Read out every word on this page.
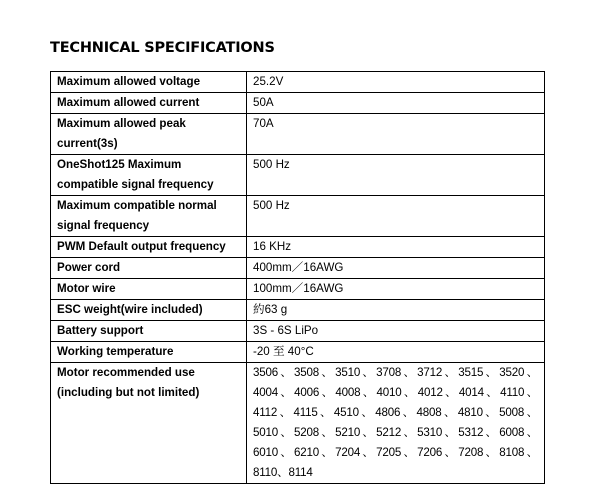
TECHNICAL SPECIFICATIONS
Maximum allowed voltage	25.2V
Maximum allowed current	50A
Maximum allowed peak current(3s)	70A
OneShot125 Maximum compatible signal frequency	500 Hz
Maximum compatible normal signal frequency	500 Hz
PWM Default output frequency	16 KHz
Power cord	400mm／16AWG
Motor wire	100mm／16AWG
ESC weight(wire included)	約63 g
Battery support	3S - 6S LiPo
Working temperature	-20 至 40°C
Motor recommended use (including but not limited)	3506、3508、3510、3708、3712、3515、3520、4004、4006、4008、4010、4012、4014、4110、4112、4115、4510、4806、4808、4810、5008、5010、5208、5210、5212、5310、5312、6008、6010、6210、7204、7205、7206、7208、8108、8110、8114
